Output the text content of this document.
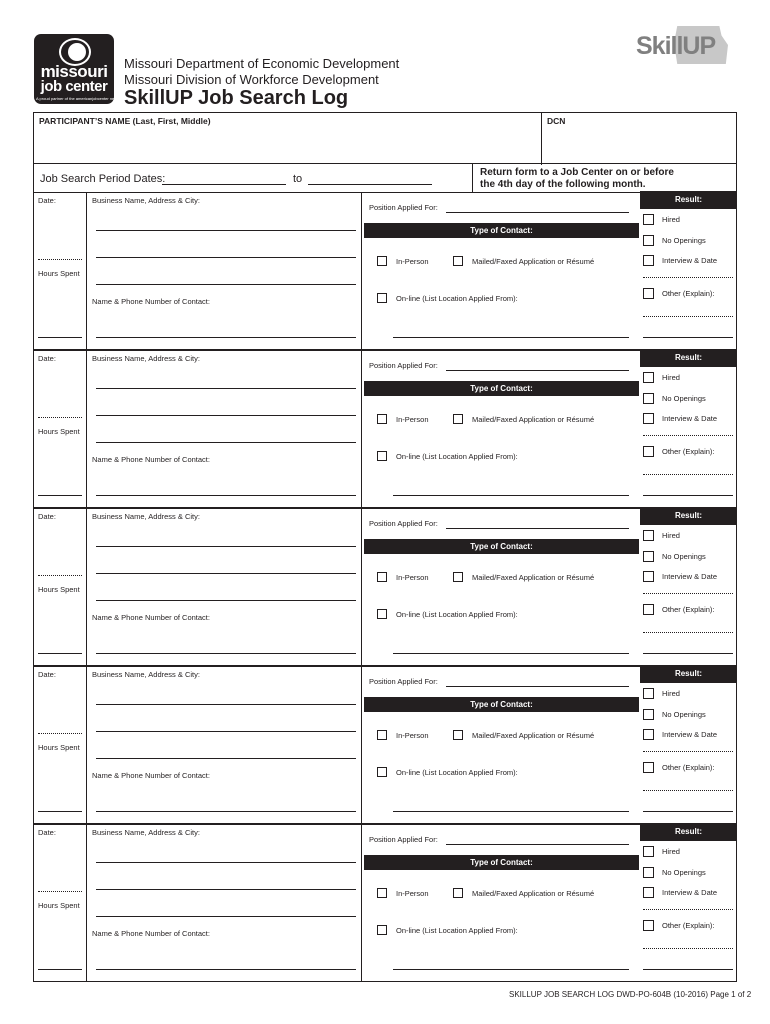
missouri
job center
A proud partner of the americanjobcenter network
Missouri Department of Economic Development
Missouri Division of Workforce Development
SkillUP Job Search Log
SkillUP
PARTICIPANT’S NAME (Last, First, Middle)	DCN
Job Search Period Dates:	to
Return form to a Job Center on or before
the 4th day of the following month.
Date:
Hours Spent
Business Name, Address & City:
Name & Phone Number of Contact:
Position Applied For:
Type of Contact:
In-Person	Mailed/Faxed Application or Résumé
On-line (List Location Applied From):
Result:
Hired
No Openings
Interview & Date
Other (Explain):
Date:
Hours Spent
Business Name, Address & City:
Name & Phone Number of Contact:
Position Applied For:
Type of Contact:
In-Person	Mailed/Faxed Application or Résumé
On-line (List Location Applied From):
Result:
Hired
No Openings
Interview & Date
Other (Explain):
Date:
Hours Spent
Business Name, Address & City:
Name & Phone Number of Contact:
Position Applied For:
Type of Contact:
In-Person	Mailed/Faxed Application or Résumé
On-line (List Location Applied From):
Result:
Hired
No Openings
Interview & Date
Other (Explain):
Date:
Hours Spent
Business Name, Address & City:
Name & Phone Number of Contact:
Position Applied For:
Type of Contact:
In-Person	Mailed/Faxed Application or Résumé
On-line (List Location Applied From):
Result:
Hired
No Openings
Interview & Date
Other (Explain):
Date:
Hours Spent
Business Name, Address & City:
Name & Phone Number of Contact:
Position Applied For:
Type of Contact:
In-Person	Mailed/Faxed Application or Résumé
On-line (List Location Applied From):
Result:
Hired
No Openings
Interview & Date
Other (Explain):
SKILLUP JOB SEARCH LOG DWD-PO-604B (10-2016) Page 1 of 2
